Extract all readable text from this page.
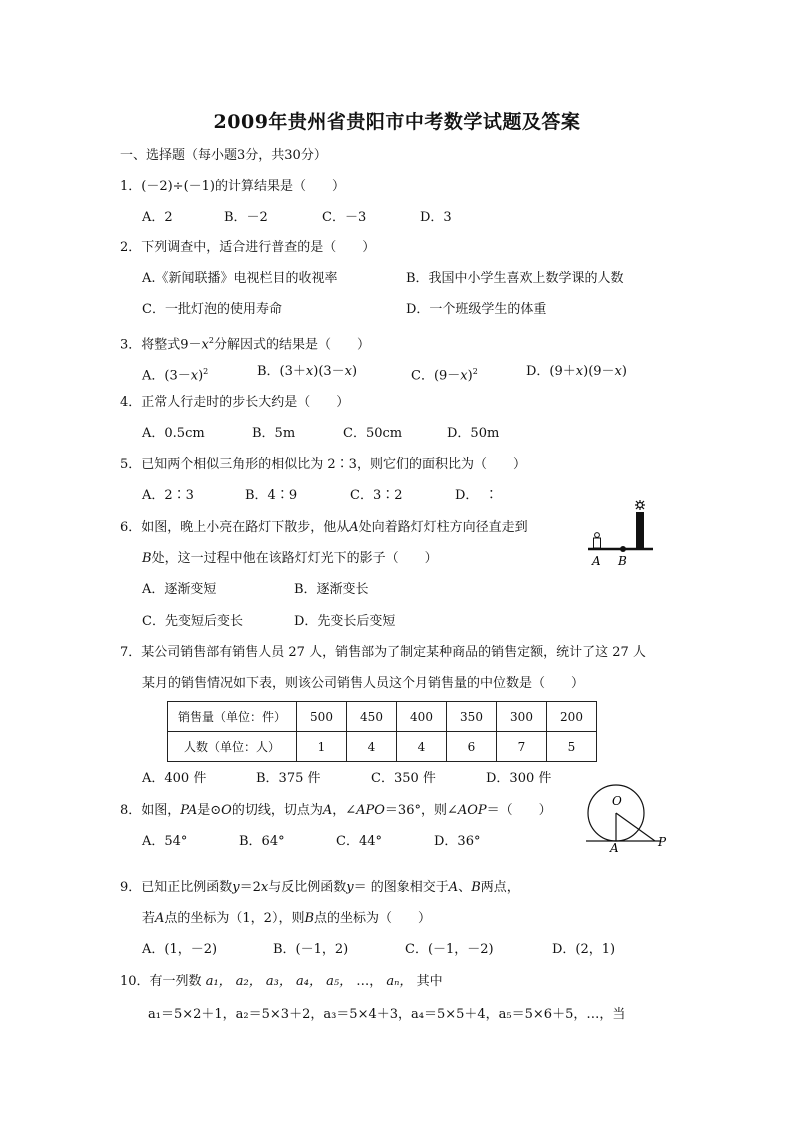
2009年贵州省贵阳市中考数学试题及答案
一、选择题（每小题3分，共30分）
1．(－2)÷(－1)的计算结果是（　　）
A．2	B．－2	C．－3	D．3
2．下列调查中，适合进行普查的是（　　）
A.《新闻联播》电视栏目的收视率	B．我国中小学生喜欢上数学课的人数
C．一批灯泡的使用寿命	D．一个班级学生的体重
3．将整式$9-x^2$分解因式的结果是（　　）
A．$(3-x)^2$	B．(3＋x)(3－x)	C．$(9-x)^2$	D．(9＋x)(9－x)
4．正常人行走时的步长大约是（　　）
A．0.5cm	B．5m	C．50cm	D．50m
5．已知两个相似三角形的相似比为 2∶3，则它们的面积比为（　　）
A．2∶3	B．4∶9	C．3∶2	D．　∶
6．如图，晚上小亮在路灯下散步，他从A处向着路灯灯柱方向径直走到
B处，这一过程中他在该路灯灯光下的影子（　　）
A．逐渐变短	B．逐渐变长
C．先变短后变长	D．先变长后变短
A B
7．某公司销售部有销售人员 27 人，销售部为了制定某种商品的销售定额，统计了这 27 人
某月的销售情况如下表，则该公司销售人员这个月销售量的中位数是（　　）
销售量（单位：件）	500	450	400	350	300	200
人数（单位：人）	1	4	4	6	7	5
A．400 件	B．375 件	C．350 件	D．300 件
8．如图，PA是⊙O的切线，切点为A，∠APO＝36°，则∠AOP＝（　　）
A．54°	B．64°	C．44°	D．36°
O
A	P
9．已知正比例函数y＝2x与反比例函数y＝ 的图象相交于A、B两点，
若A点的坐标为（1，2），则B点的坐标为（　　）
A．(1，－2)	B．(－1，2)	C．(－1，－2)	D．(2，1)
10．有一列数 a₁， a₂， a₃， a₄， a₅， …， aₙ， 其中
a₁＝5×2＋1，a₂＝5×3＋2，a₃＝5×4＋3，a₄＝5×5＋4，a₅＝5×6＋5，…，当
